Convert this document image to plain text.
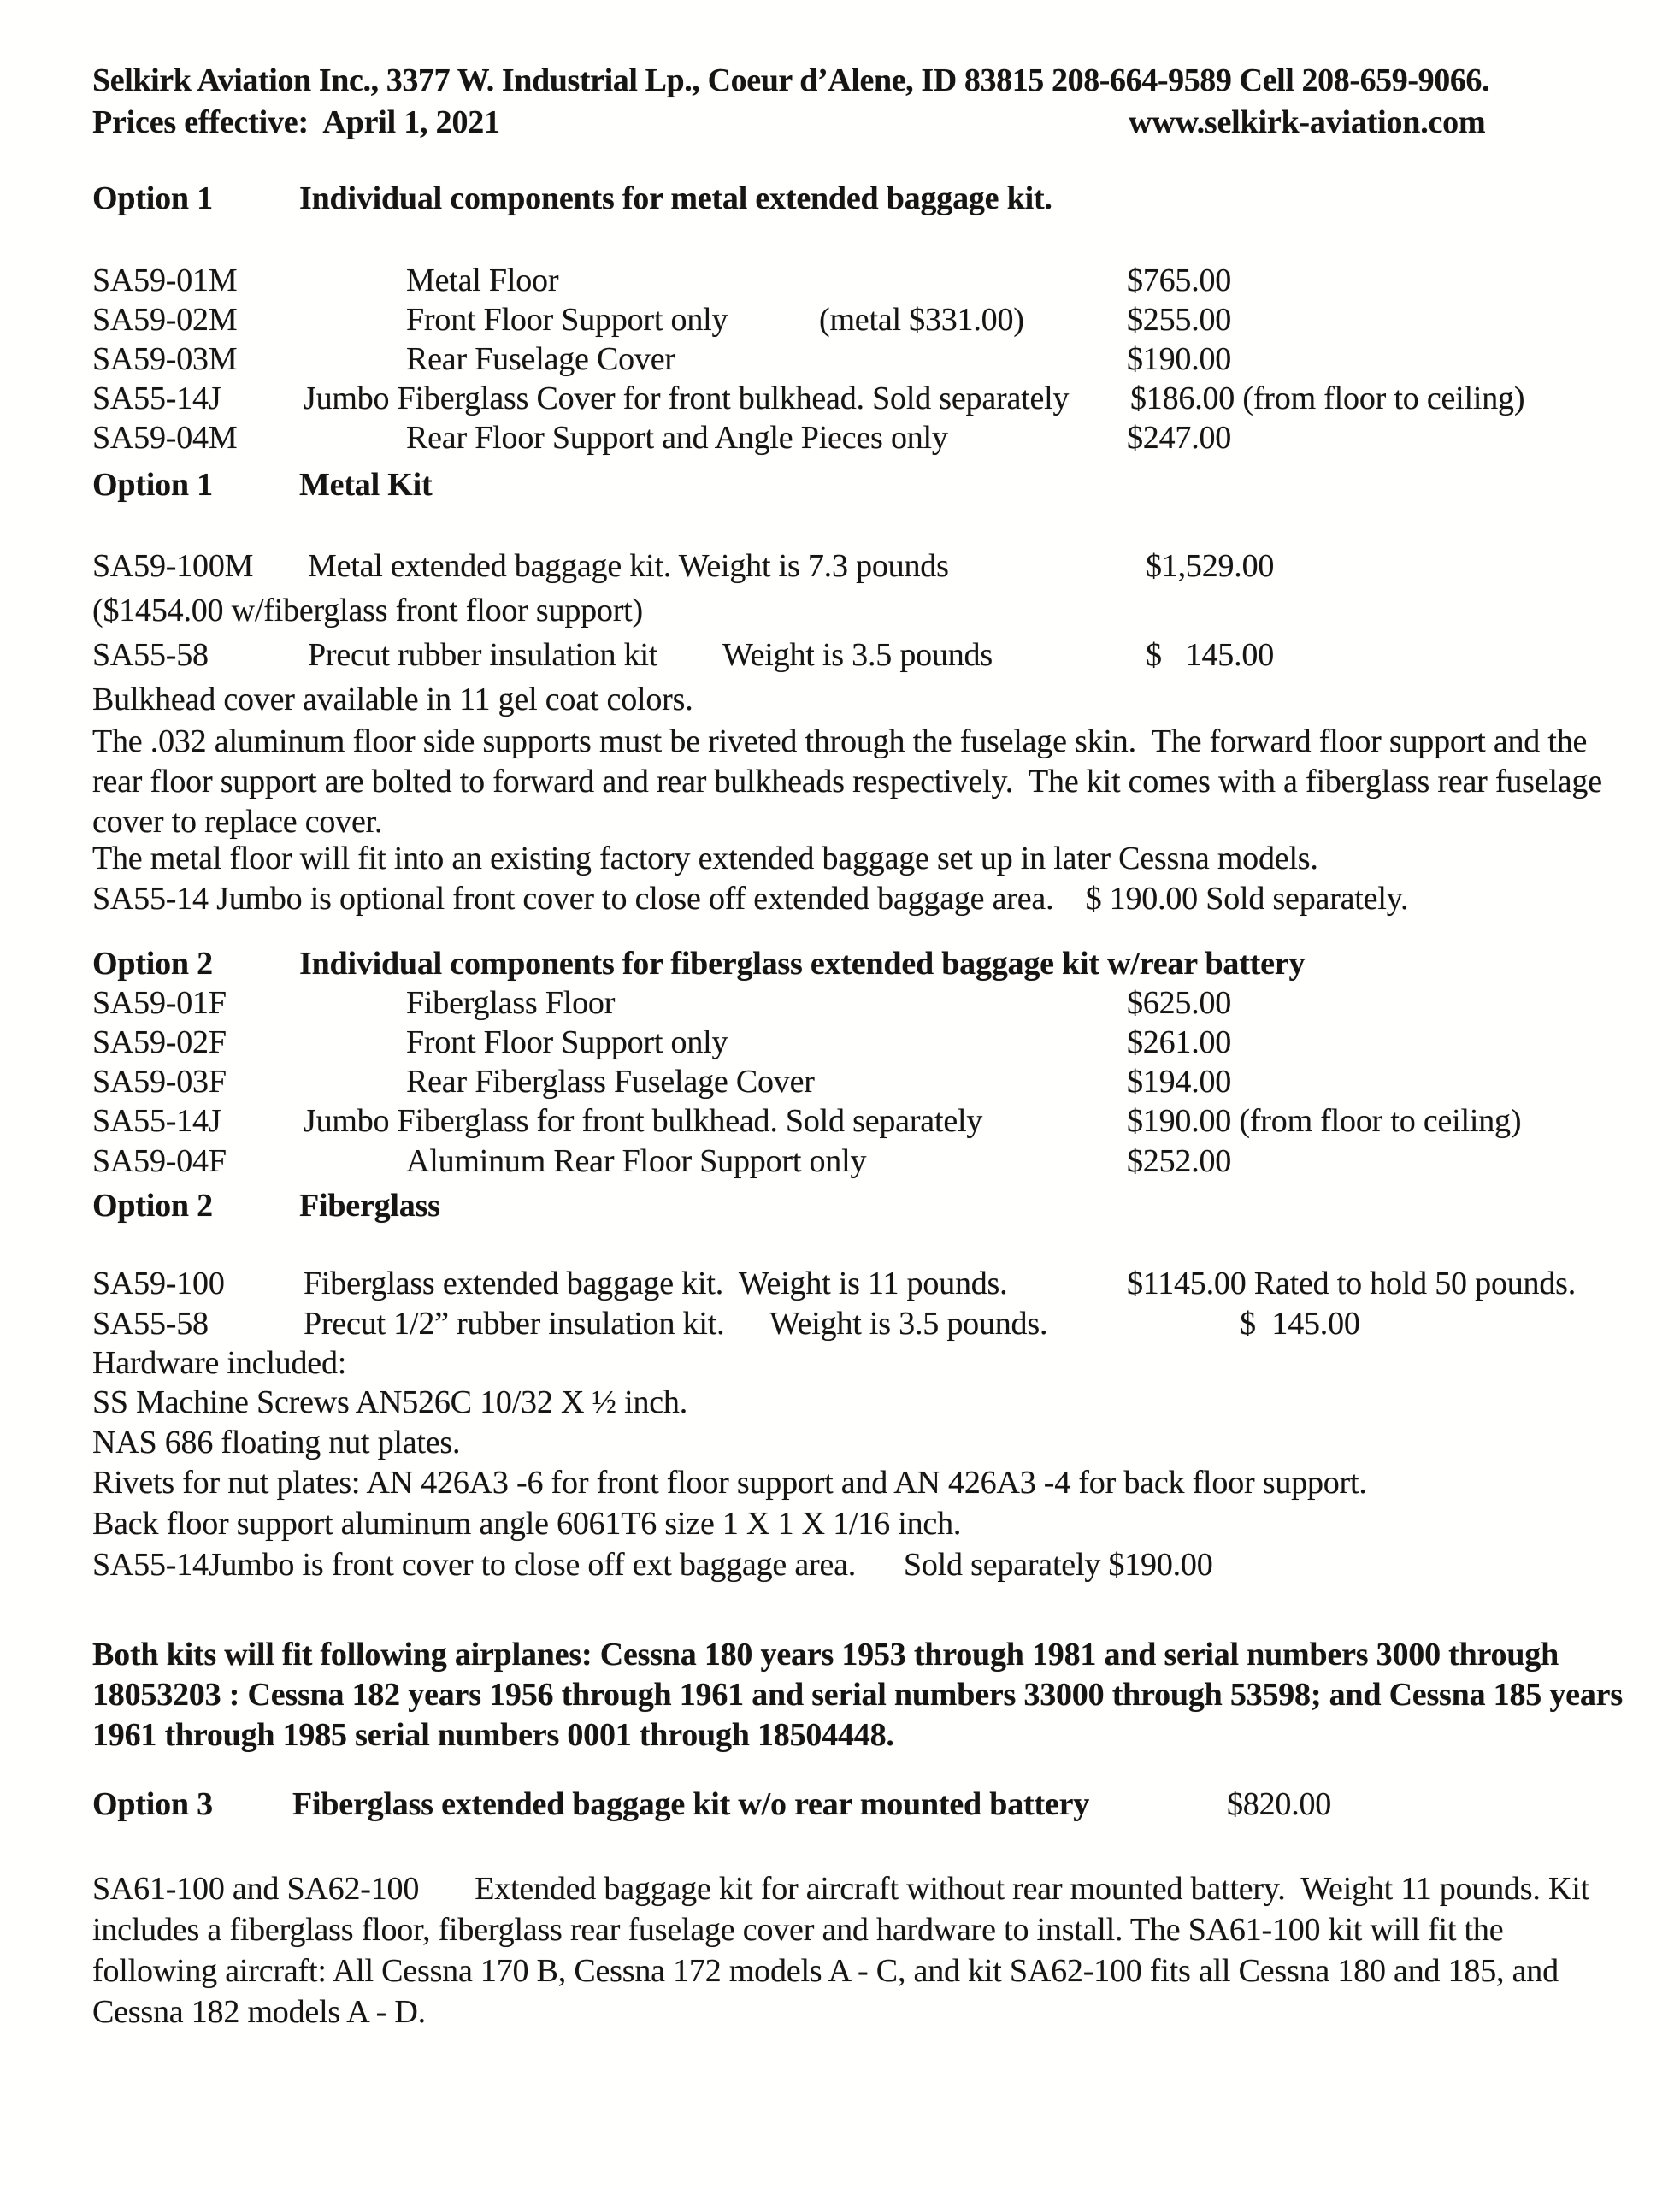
Selkirk Aviation Inc., 3377 W. Industrial Lp., Coeur d’Alene, ID 83815 208-664-9589 Cell 208-659-9066.
Prices effective:  April 1, 2021	www.selkirk-aviation.com
Option 1	Individual components for metal extended baggage kit.
SA59-01M	Metal Floor	$765.00
SA59-02M	Front Floor Support only	(metal $331.00)	$255.00
SA59-03M	Rear Fuselage Cover	$190.00
SA55-14J	Jumbo Fiberglass Cover for front bulkhead. Sold separately $186.00 (from floor to ceiling)
SA59-04M	Rear Floor Support and Angle Pieces only	$247.00
Option 1	Metal Kit
SA59-100M Metal extended baggage kit. Weight is 7.3 pounds	$1,529.00
($1454.00 w/fiberglass front floor support)
SA55-58	Precut rubber insulation kit Weight is 3.5 pounds	$   145.00
Bulkhead cover available in 11 gel coat colors.
The .032 aluminum floor side supports must be riveted through the fuselage skin.  The forward floor support and the rear floor support are bolted to forward and rear bulkheads respectively.  The kit comes with a fiberglass rear fuselage cover to replace cover.
The metal floor will fit into an existing factory extended baggage set up in later Cessna models.
SA55-14 Jumbo is optional front cover to close off extended baggage area.    $ 190.00 Sold separately.
Option 2	Individual components for fiberglass extended baggage kit w/rear battery
SA59-01F	Fiberglass Floor	$625.00
SA59-02F	Front Floor Support only	$261.00
SA59-03F	Rear Fiberglass Fuselage Cover	$194.00
SA55-14J	Jumbo Fiberglass for front bulkhead. Sold separately	$190.00 (from floor to ceiling)
SA59-04F	Aluminum Rear Floor Support only	$252.00
Option 2	Fiberglass
SA59-100 Fiberglass extended baggage kit.  Weight is 11 pounds.	$1145.00 Rated to hold 50 pounds.
SA55-58	Precut 1/2” rubber insulation kit. Weight is 3.5 pounds.	$  145.00
Hardware included:
SS Machine Screws AN526C 10/32 X ½ inch.
NAS 686 floating nut plates.
Rivets for nut plates: AN 426A3 -6 for front floor support and AN 426A3 -4 for back floor support.
Back floor support aluminum angle 6061T6 size 1 X 1 X 1/16 inch.
SA55-14Jumbo is front cover to close off ext baggage area.      Sold separately $190.00
Both kits will fit following airplanes: Cessna 180 years 1953 through 1981 and serial numbers 3000 through 18053203 : Cessna 182 years 1956 through 1961 and serial numbers 33000 through 53598; and Cessna 185 years 1961 through 1985 serial numbers 0001 through 18504448.
Option 3 Fiberglass extended baggage kit w/o rear mounted battery	$820.00
SA61-100 and SA62-100       Extended baggage kit for aircraft without rear mounted battery.  Weight 11 pounds. Kit includes a fiberglass floor, fiberglass rear fuselage cover and hardware to install. The SA61-100 kit will fit the following aircraft: All Cessna 170 B, Cessna 172 models A - C, and kit SA62-100 fits all Cessna 180 and 185, and Cessna 182 models A - D.
